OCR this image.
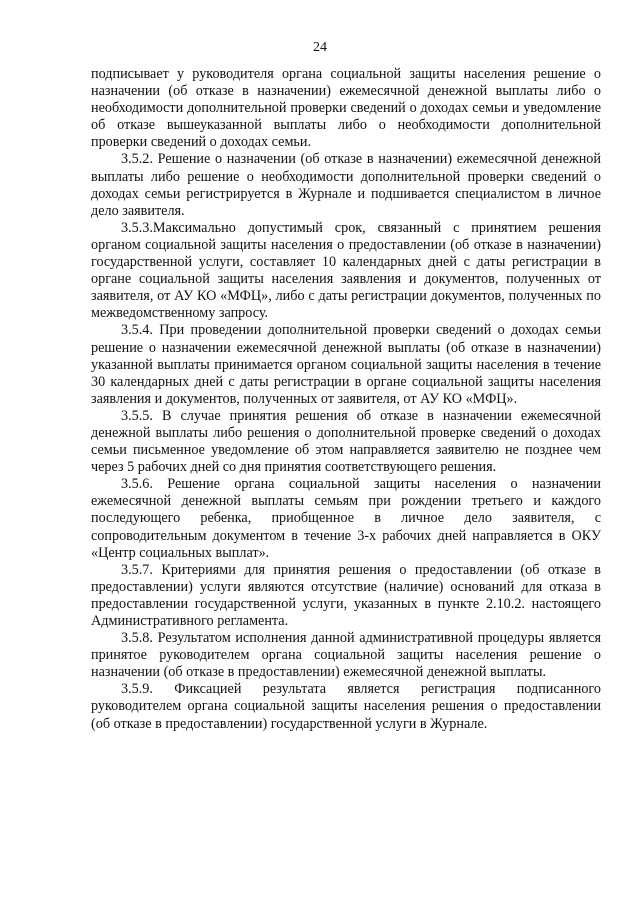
24

подписывает у руководителя органа социальной защиты населения решение о назначении (об отказе в назначении) ежемесячной денежной выплаты либо о необходимости дополнительной проверки сведений о доходах семьи и уведомление об отказе вышеуказанной выплаты либо о необходимости дополнительной проверки сведений о доходах семьи.

3.5.2. Решение о назначении (об отказе в назначении) ежемесячной денежной выплаты либо решение о необходимости дополнительной проверки сведений о доходах семьи регистрируется в Журнале и подшивается специалистом в личное дело заявителя.

3.5.3.Максимально допустимый срок, связанный с принятием решения органом социальной защиты населения о предоставлении (об отказе в назначении) государственной услуги, составляет 10 календарных дней с даты регистрации в органе социальной защиты населения заявления и документов, полученных от заявителя, от АУ КО «МФЦ», либо с даты регистрации документов, полученных по межведомственному запросу.

3.5.4. При проведении дополнительной проверки сведений о доходах семьи решение о назначении ежемесячной денежной выплаты (об отказе в назначении) указанной выплаты принимается органом социальной защиты населения в течение 30 календарных дней с даты регистрации в органе социальной защиты населения заявления и документов, полученных от заявителя, от АУ КО «МФЦ».

3.5.5. В случае принятия решения об отказе в назначении ежемесячной денежной выплаты либо решения о дополнительной проверке сведений о доходах семьи письменное уведомление об этом направляется заявителю не позднее чем через 5 рабочих дней со дня принятия соответствующего решения.

3.5.6. Решение органа социальной защиты населения о назначении ежемесячной денежной выплаты семьям при рождении третьего и каждого последующего ребенка, приобщенное в личное дело заявителя, с сопроводительным документом в течение 3-х рабочих дней направляется в ОКУ «Центр социальных выплат».

3.5.7. Критериями для принятия решения о предоставлении (об отказе в предоставлении) услуги являются отсутствие (наличие) оснований для отказа в предоставлении государственной услуги, указанных в пункте 2.10.2. настоящего Административного регламента.

3.5.8. Результатом исполнения данной административной процедуры является принятое руководителем органа социальной защиты населения решение о назначении (об отказе в предоставлении) ежемесячной денежной выплаты.

3.5.9. Фиксацией результата является регистрация подписанного руководителем органа социальной защиты населения решения о предоставлении (об отказе в предоставлении) государственной услуги в Журнале.
